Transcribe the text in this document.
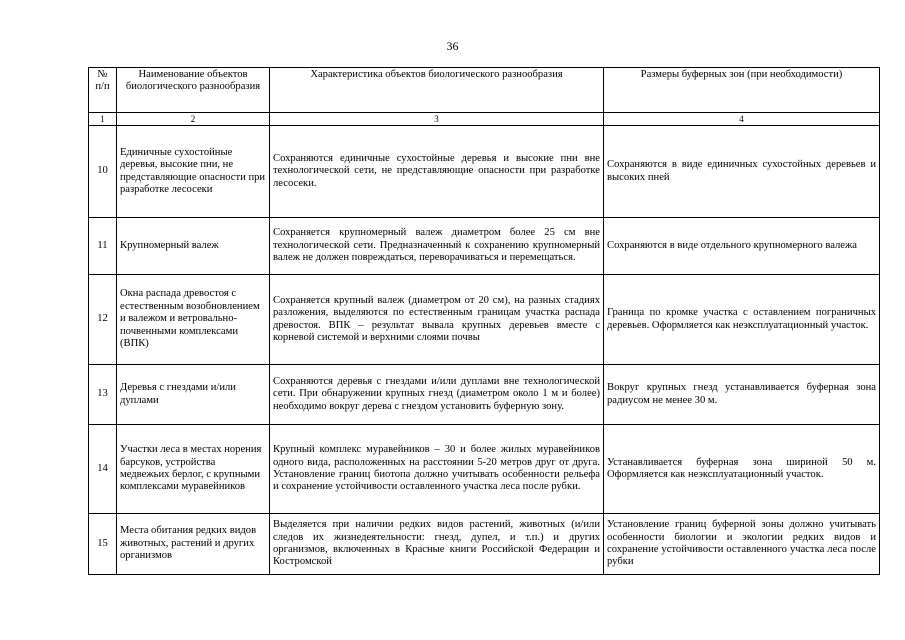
36
№ п/п	Наименование объектов биологического разнообразия	Характеристика объектов биологического разнообразия	Размеры буферных зон (при необходимости)
1	2	3	4
10	Единичные сухостойные деревья, высокие пни, не представляющие опасности при разработке лесосеки	Сохраняются единичные сухостойные деревья и высокие пни вне технологической сети, не представляющие опасности при разработке лесосеки.	Сохраняются в виде единичных сухостойных деревьев и высоких пней
11	Крупномерный валеж	Сохраняется крупномерный валеж диаметром более 25 см вне технологической сети. Предназначенный к сохранению крупномерный валеж не должен повреждаться, переворачиваться и перемещаться.	Сохраняются в виде отдельного крупномерного валежа
12	Окна распада древостоя с естественным возобновлением и валежом и ветровально-почвенными комплексами (ВПК)	Сохраняется крупный валеж (диаметром от 20 см), на разных стадиях разложения, выделяются по естественным границам участка распада древостоя. ВПК – результат вывала крупных деревьев вместе с корневой системой и верхними слоями почвы	Граница по кромке участка с оставлением пограничных деревьев. Оформляется как неэксплуатационный участок.
13	Деревья с гнездами и/или дуплами	Сохраняются деревья с гнездами и/или дуплами вне технологической сети. При обнаружении крупных гнезд (диаметром около 1 м и более) необходимо вокруг дерева с гнездом установить буферную зону.	Вокруг крупных гнезд устанавливается буферная зона радиусом не менее 30 м.
14	Участки леса в местах норения барсуков, устройства медвежьих берлог, с крупными комплексами муравейников	Крупный комплекс муравейников – 30 и более жилых муравейников одного вида, расположенных на расстоянии 5-20 метров друг от друга. Установление границ биотопа должно учитывать особенности рельефа и сохранение устойчивости оставленного участка леса после рубки.	Устанавливается буферная зона шириной 50 м. Оформляется как неэксплуатационный участок.
15	Места обитания редких видов животных, растений и других организмов	Выделяется при наличии редких видов растений, животных (и/или следов их жизнедеятельности: гнезд, дупел, и т.п.) и других организмов, включенных в Красные книги Российской Федерации и Костромской	Установление границ буферной зоны должно учитывать особенности биологии и экологии редких видов и сохранение устойчивости оставленного участка леса после рубки
